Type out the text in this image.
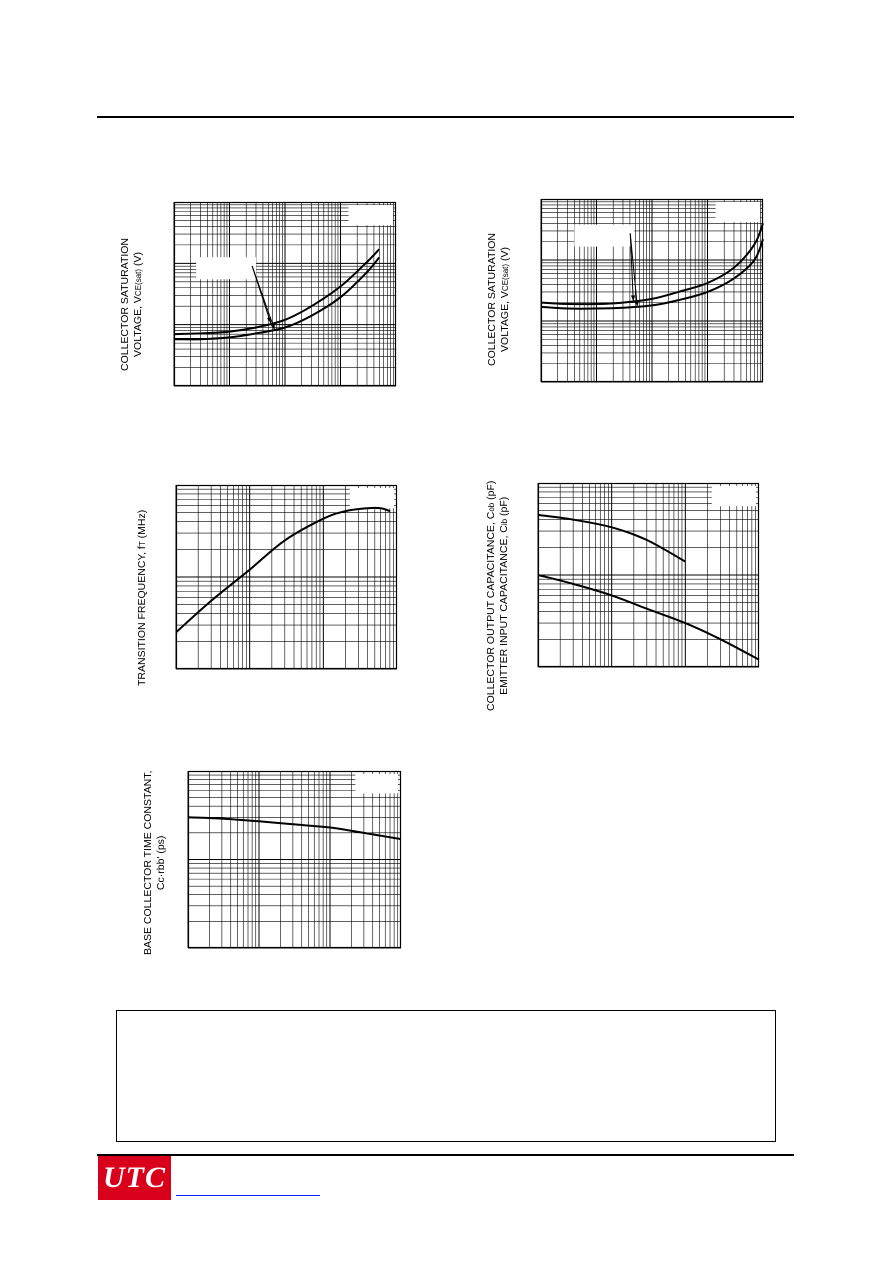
COLLECTOR SATURATION VOLTAGE, VCE(sat) (V)	COLLECTOR SATURATION VOLTAGE, VCE(sat) (V)
TRANSITION FREQUENCY, fT (MHz)	COLLECTOR OUTPUT CAPACITANCE, Cob (pF)
EMITTER INPUT CAPACITANCE, Cib (pF)
BASE COLLECTOR TIME CONSTANT, Cc·rbb' (ps)
UTC
